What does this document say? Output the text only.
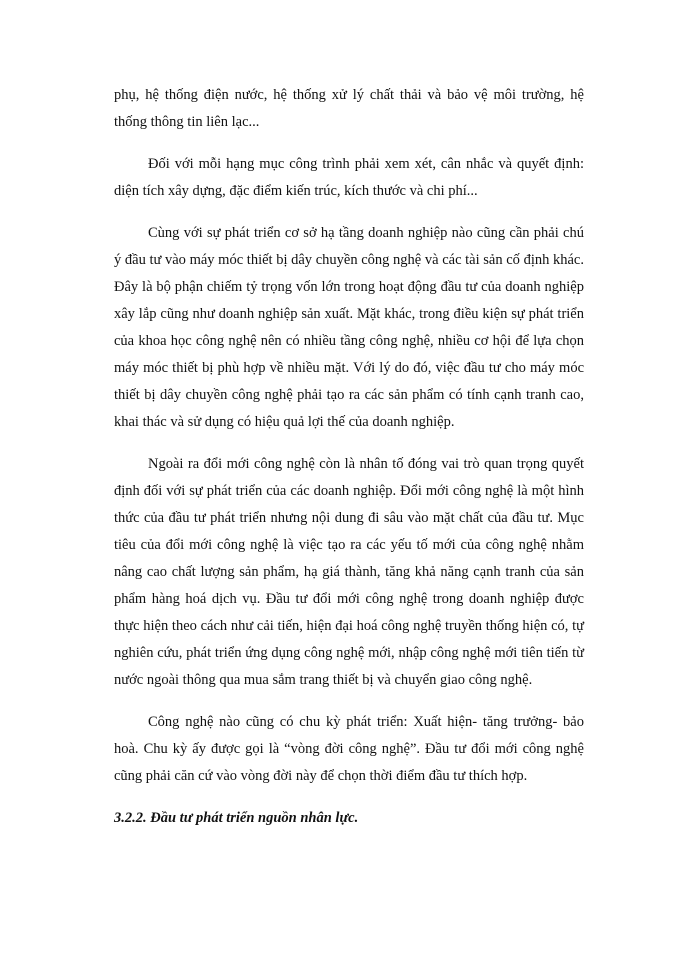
phụ, hệ thống điện nước, hệ thống xử lý chất thải và bảo vệ môi trường, hệ thống thông tin liên lạc...

Đối với mỗi hạng mục công trình phải xem xét, cân nhắc và quyết định: diện tích xây dựng, đặc điểm kiến trúc, kích thước và chi phí...

Cùng với sự phát triển cơ sở hạ tầng doanh nghiệp nào cũng cần phải chú ý đầu tư vào máy móc thiết bị dây chuyền công nghệ và các tài sản cố định khác. Đây là bộ phận chiếm tỷ trọng vốn lớn trong hoạt động đầu tư của doanh nghiệp xây lắp cũng như doanh nghiệp sản xuất. Mặt khác, trong điều kiện sự phát triển của khoa học công nghệ nên có nhiều tầng công nghệ, nhiều cơ hội để lựa chọn máy móc thiết bị phù hợp về nhiều mặt. Với lý do đó, việc đầu tư cho máy móc thiết bị dây chuyền công nghệ phải tạo ra các sản phẩm có tính cạnh tranh cao, khai thác và sử dụng có hiệu quả lợi thế của doanh nghiệp.

Ngoài ra đổi mới công nghệ còn là nhân tố đóng vai trò quan trọng quyết định đối với sự phát triển của các doanh nghiệp. Đổi mới công nghệ là một hình thức của đầu tư phát triển nhưng nội dung đi sâu vào mặt chất của đầu tư. Mục tiêu của đổi mới công nghệ là việc tạo ra các yếu tố mới của công nghệ nhằm nâng cao chất lượng sản phẩm, hạ giá thành, tăng khả năng cạnh tranh của sản phẩm hàng hoá dịch vụ. Đầu tư đổi mới công nghệ trong doanh nghiệp được thực hiện theo cách như cải tiến, hiện đại hoá công nghệ truyền thống hiện có, tự nghiên cứu, phát triển ứng dụng công nghệ mới, nhập công nghệ mới tiên tiến từ nước ngoài thông qua mua sắm trang thiết bị và chuyển giao công nghệ.

Công nghệ nào cũng có chu kỳ phát triển: Xuất hiện- tăng trưởng- bảo hoà. Chu kỳ ấy được gọi là “vòng đời công nghệ”. Đầu tư đổi mới công nghệ cũng phải căn cứ vào vòng đời này để chọn thời điểm đầu tư thích hợp.

3.2.2. Đầu tư phát triển nguồn nhân lực.
